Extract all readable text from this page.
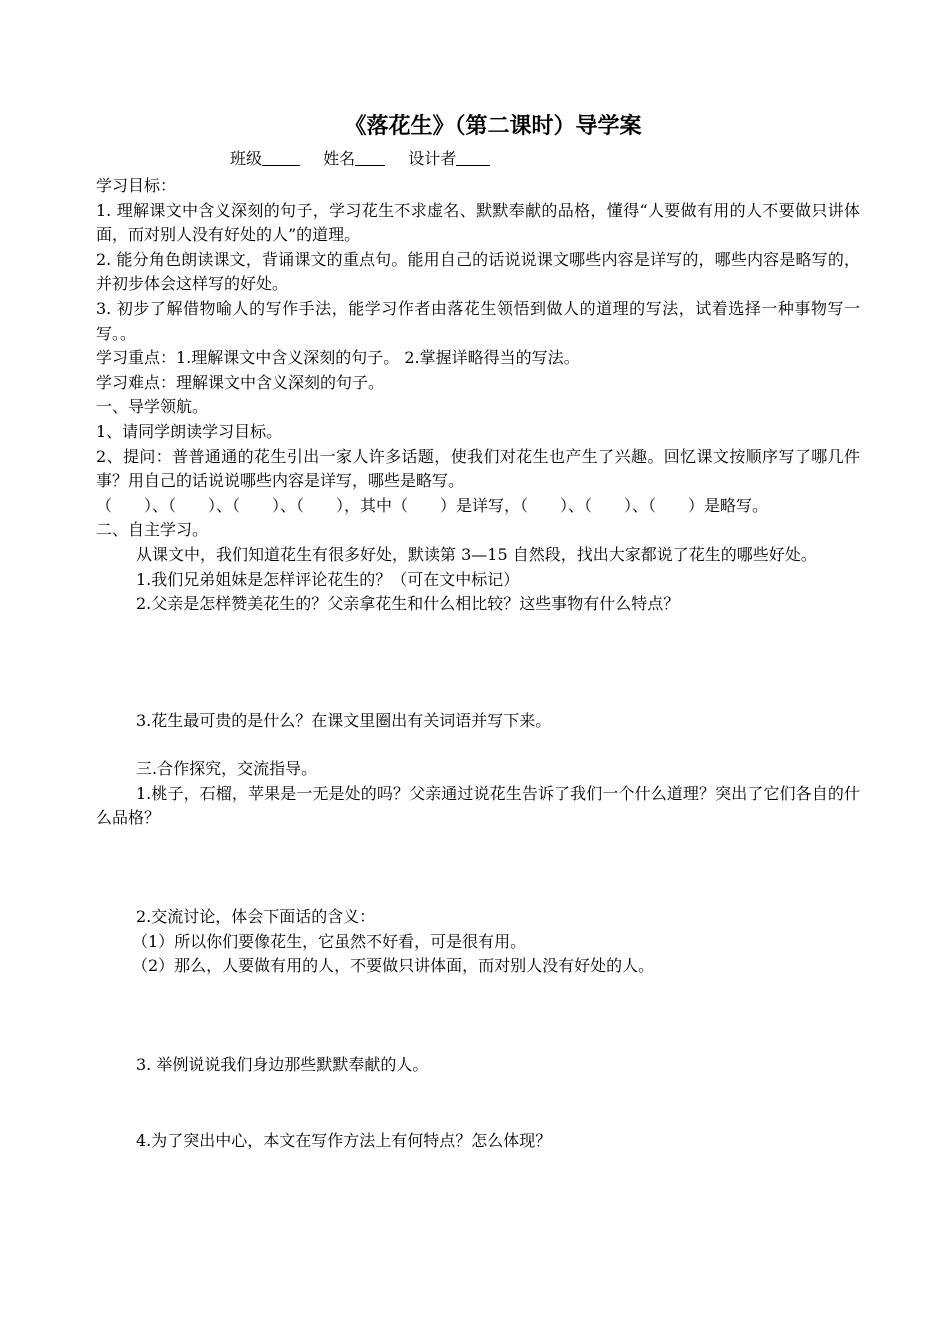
《落花生》（第二课时）导学案
班级	姓名	设计者

学习目标：

1. 理解课文中含义深刻的句子，学习花生不求虚名、默默奉献的品格，懂得“人要做有用的人不要做只讲体面，而对别人没有好处的人”的道理。

2. 能分角色朗读课文，背诵课文的重点句。能用自己的话说说课文哪些内容是详写的，哪些内容是略写的，并初步体会这样写的好处。

3. 初步了解借物喻人的写作手法，能学习作者由落花生领悟到做人的道理的写法，试着选择一种事物写一写。。

学习重点：1.理解课文中含义深刻的句子。 2.掌握详略得当的写法。

学习难点：理解课文中含义深刻的句子。

一、导学领航。

1、请同学朗读学习目标。

2、提问：普普通通的花生引出一家人许多话题，使我们对花生也产生了兴趣。回忆课文按顺序写了哪几件事？用自己的话说说哪些内容是详写，哪些是略写。

（　　）、（　　）、（　　）、（　　），其中（　　）是详写，（　　）、（　　）、（　　）是略写。

二、自主学习。

从课文中，我们知道花生有很多好处，默读第 3—15 自然段，找出大家都说了花生的哪些好处。

1.我们兄弟姐妹是怎样评论花生的？（可在文中标记）

2.父亲是怎样赞美花生的？父亲拿花生和什么相比较？这些事物有什么特点？

3.花生最可贵的是什么？在课文里圈出有关词语并写下来。

三.合作探究，交流指导。

1.桃子，石榴，苹果是一无是处的吗？父亲通过说花生告诉了我们一个什么道理？突出了它们各自的什么品格？

2.交流讨论，体会下面话的含义：

（1）所以你们要像花生，它虽然不好看，可是很有用。

（2）那么，人要做有用的人，不要做只讲体面，而对别人没有好处的人。

3. 举例说说我们身边那些默默奉献的人。

4.为了突出中心，本文在写作方法上有何特点？怎么体现？
